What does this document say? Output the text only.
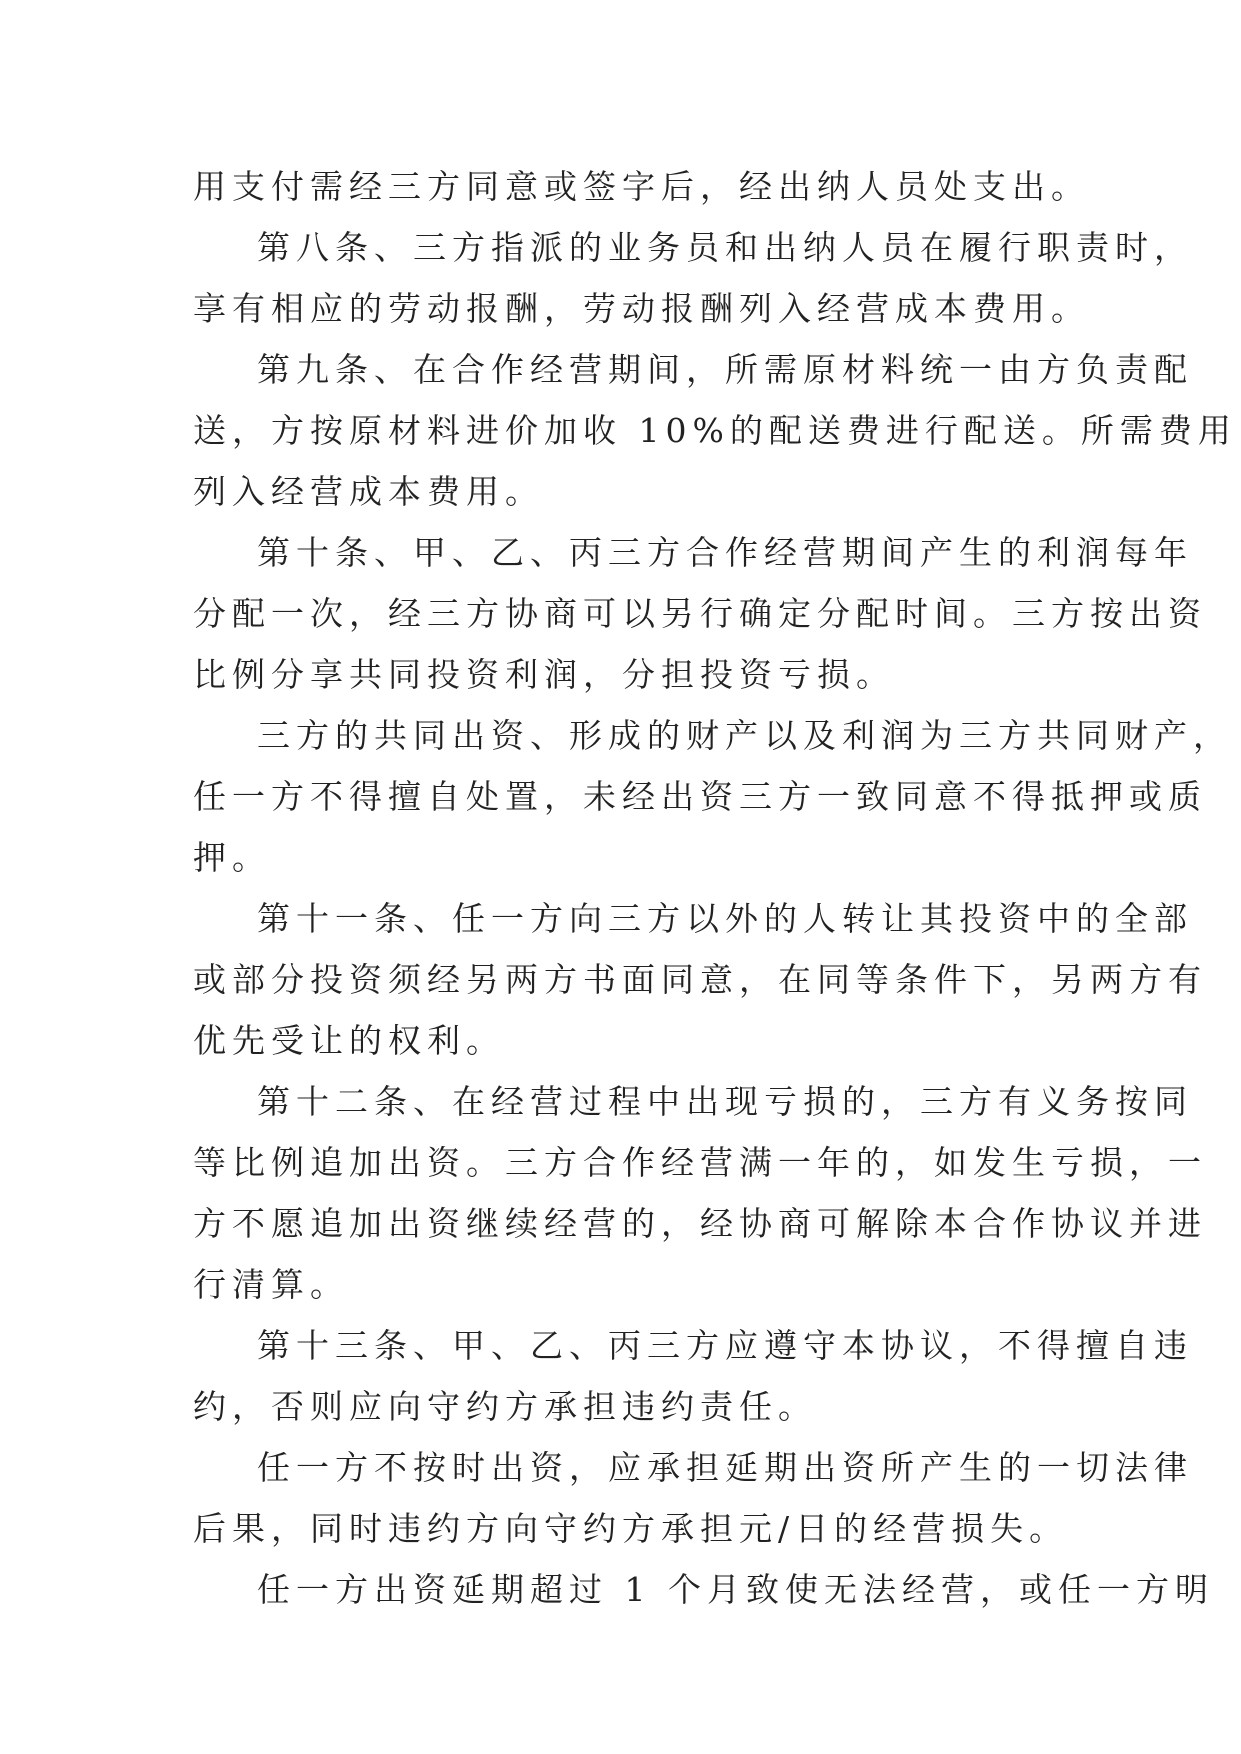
用支付需经三方同意或签字后，经出纳人员处支出。
第八条、三方指派的业务员和出纳人员在履行职责时，
享有相应的劳动报酬，劳动报酬列入经营成本费用。
第九条、在合作经营期间，所需原材料统一由方负责配
送，方按原材料进价加收 10%的配送费进行配送。所需费用
列入经营成本费用。
第十条、甲、乙、丙三方合作经营期间产生的利润每年
分配一次，经三方协商可以另行确定分配时间。三方按出资
比例分享共同投资利润，分担投资亏损。
三方的共同出资、形成的财产以及利润为三方共同财产，
任一方不得擅自处置，未经出资三方一致同意不得抵押或质
押。
第十一条、任一方向三方以外的人转让其投资中的全部
或部分投资须经另两方书面同意，在同等条件下，另两方有
优先受让的权利。
第十二条、在经营过程中出现亏损的，三方有义务按同
等比例追加出资。三方合作经营满一年的，如发生亏损，一
方不愿追加出资继续经营的，经协商可解除本合作协议并进
行清算。
第十三条、甲、乙、丙三方应遵守本协议，不得擅自违
约，否则应向守约方承担违约责任。
任一方不按时出资，应承担延期出资所产生的一切法律
后果，同时违约方向守约方承担元/日的经营损失。
任一方出资延期超过 1 个月致使无法经营，或任一方明
